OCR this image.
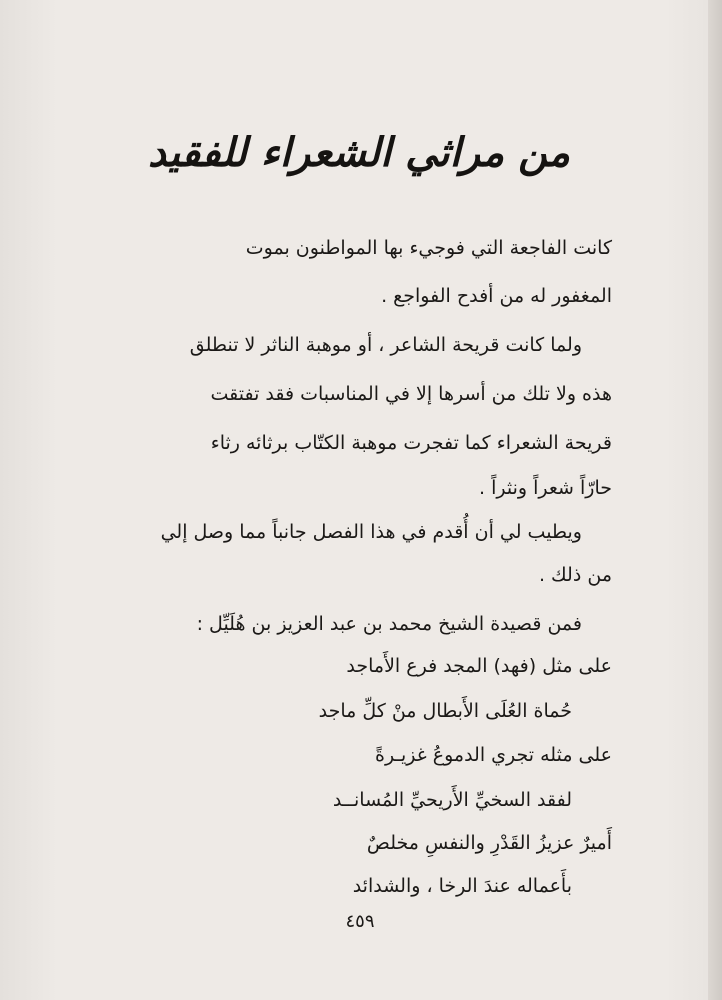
من مراثي الشعراء للفقيد
كانت الفاجعة التي فوجيء بها المواطنون بموت
المغفور له من أفدح الفواجع .
ولما كانت قريحة الشاعر ، أو موهبة الناثر لا تنطلق
هذه ولا تلك من أسرها إلا في المناسبات فقد تفتقت
قريحة الشعراء كما تفجرت موهبة الكتّاب برثائه رثاء
حارّاً شعراً ونثراً .
ويطيب لي أن أُقدم في هذا الفصل جانباً مما وصل إلي
من ذلك .
فمن قصيدة الشيخ محمد بن عبد العزيز بن هُلَيِّل :
على مثل (فهد) المجد فرع الأَماجد
حُماة العُلَى الأَبطال منْ كلِّ ماجد
على مثله تجري الدموعُ غزيـرةً
لفقد السخيِّ الأَريحيِّ المُسانــد
أَميرٌ عزيزُ القَدْرِ والنفسِ مخلصٌ
بأَعماله عندَ الرخا ، والشدائد
٤٥٩
